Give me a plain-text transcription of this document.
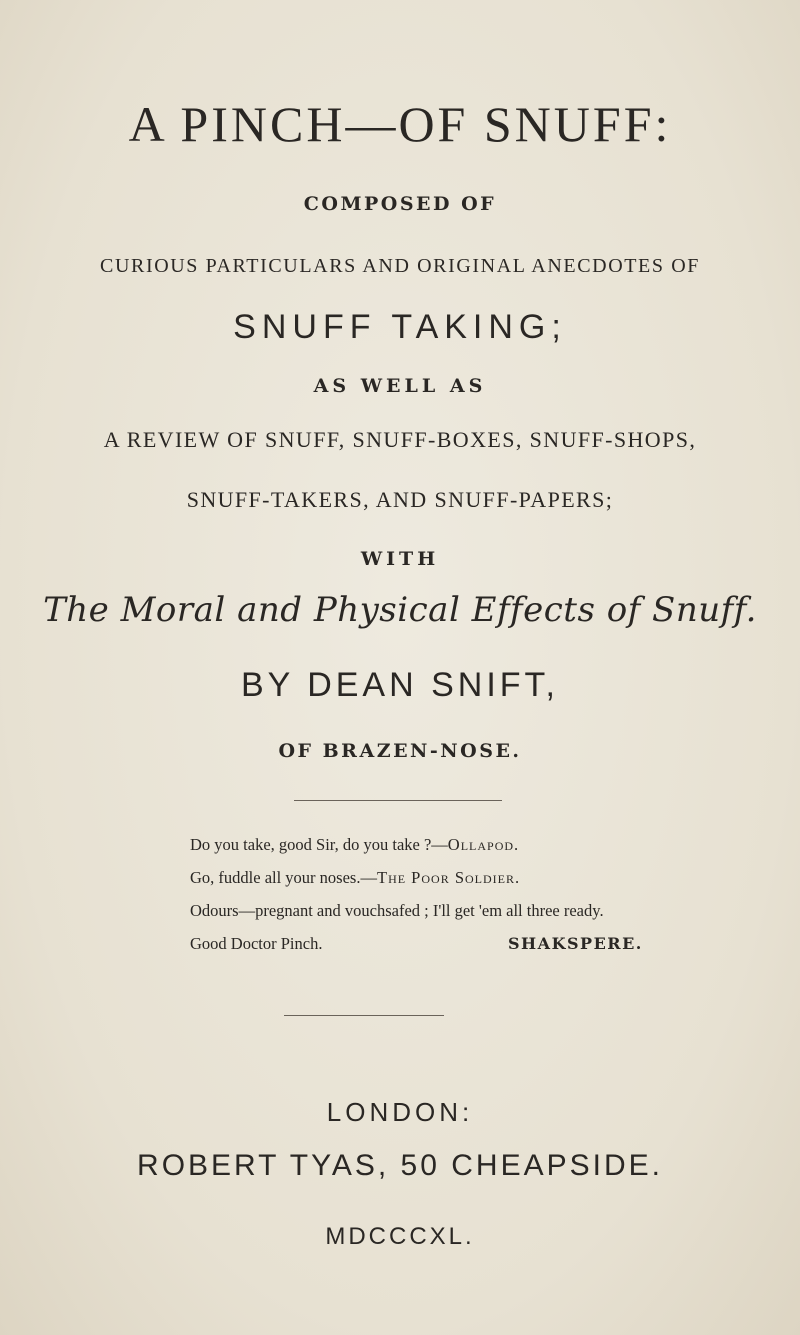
A PINCH—OF SNUFF:
COMPOSED OF
CURIOUS PARTICULARS AND ORIGINAL ANECDOTES OF
SNUFF TAKING;
AS WELL AS
A REVIEW OF SNUFF, SNUFF-BOXES, SNUFF-SHOPS,
SNUFF-TAKERS, AND SNUFF-PAPERS;
WITH
The Moral and Physical Effects of Snuff.
BY DEAN SNIFT,
OF BRAZEN-NOSE.
Do you take, good Sir, do you take ?—Ollapod.
Go, fuddle all your noses.—The Poor Soldier.
Odours—pregnant and vouchsafed ; I'll get 'em all three ready.
Good Doctor Pinch.	SHAKSPERE.
LONDON:
ROBERT TYAS, 50 CHEAPSIDE.
MDCCCXL.
